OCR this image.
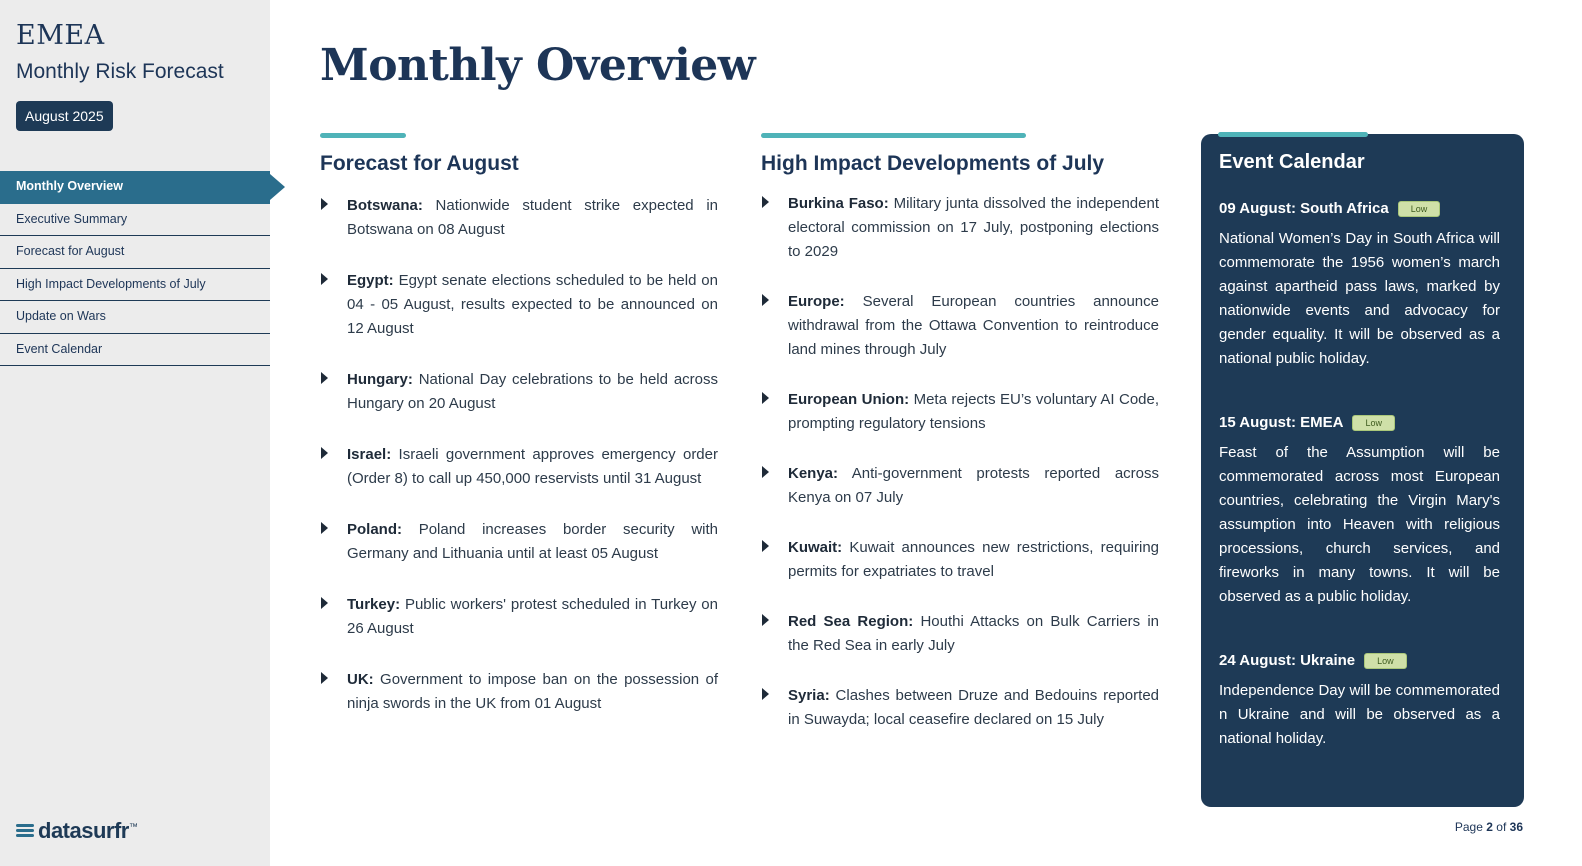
EMEA
Monthly Risk Forecast
August 2025
Monthly Overview
Executive Summary
Forecast for August
High Impact Developments of July
Update on Wars
Event Calendar
datasurfr™
Monthly Overview
Forecast for August
Botswana: Nationwide student strike expected in Botswana on 08 August
Egypt: Egypt senate elections scheduled to be held on 04 - 05 August, results expected to be announced on 12 August
Hungary: National Day celebrations to be held across Hungary on 20 August
Israel: Israeli government approves emergency order (Order 8) to call up 450,000 reservists until 31 August
Poland: Poland increases border security with Germany and Lithuania until at least 05 August
Turkey: Public workers' protest scheduled in Turkey on 26 August
UK: Government to impose ban on the possession of ninja swords in the UK from 01 August
High Impact Developments of July
Burkina Faso: Military junta dissolved the independent electoral commission on 17 July, postponing elections to 2029
Europe: Several European countries announce withdrawal from the Ottawa Convention to reintroduce land mines through July
European Union: Meta rejects EU’s voluntary AI Code, prompting regulatory tensions
Kenya: Anti-government protests reported across Kenya on 07 July
Kuwait: Kuwait announces new restrictions, requiring permits for expatriates to travel
Red Sea Region: Houthi Attacks on Bulk Carriers in the Red Sea in early July
Syria: Clashes between Druze and Bedouins reported in Suwayda; local ceasefire declared on 15 July
Event Calendar
09 August: South Africa	Low

National Women’s Day in South Africa will commemorate the 1956 women’s march against apartheid pass laws, marked by nationwide events and advocacy for gender equality. It will be observed as a national public holiday.

15 August: EMEA	Low

Feast of the Assumption will be commemorated across most European countries, celebrating the Virgin Mary's assumption into Heaven with religious processions, church services, and fireworks in many towns. It will be observed as a public holiday.

24 August: Ukraine	Low

Independence Day will be commemorated n Ukraine and will be observed as a national holiday.

Page 2 of 36
